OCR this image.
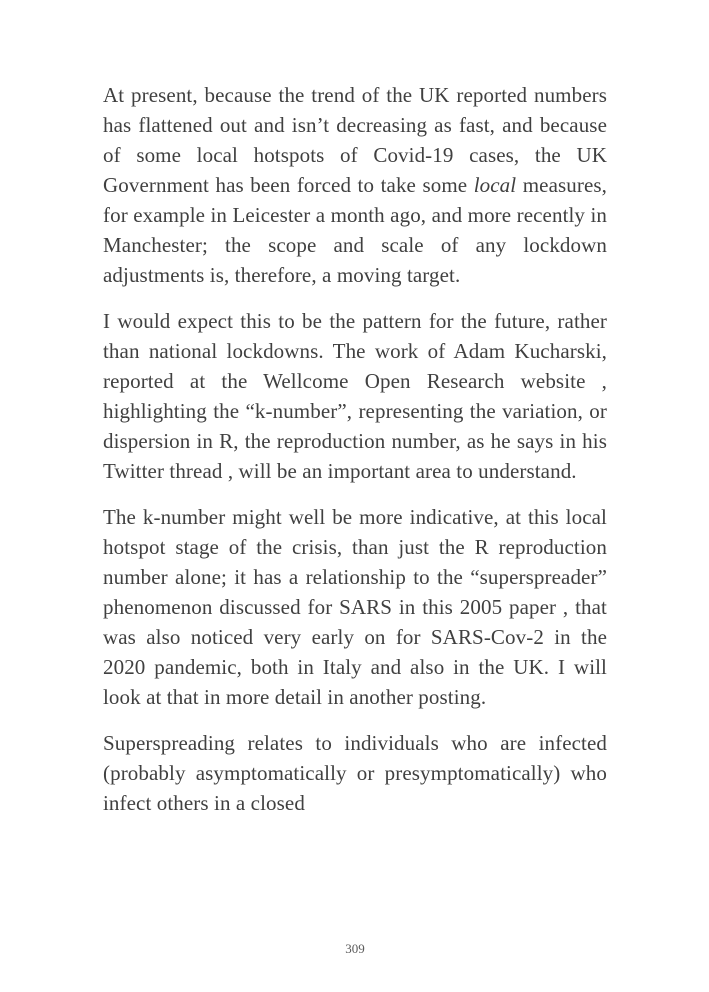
At present, because the trend of the UK reported numbers has flattened out and isn’t decreasing as fast, and because of some local hotspots of Covid-19 cases, the UK Government has been forced to take some local measures, for example in Leicester a month ago, and more recently in Manchester; the scope and scale of any lockdown adjustments is, therefore, a moving target.

I would expect this to be the pattern for the future, rather than national lockdowns. The work of Adam Kucharski, reported at the Wellcome Open Research website , highlighting the “k-number”, representing the variation, or dispersion in R, the reproduction number, as he says in his Twitter thread , will be an important area to understand.

The k-number might well be more indicative, at this local hotspot stage of the crisis, than just the R reproduction number alone; it has a relationship to the “superspreader” phenomenon discussed for SARS in this 2005 paper , that was also noticed very early on for SARS-Cov-2 in the 2020 pandemic, both in Italy and also in the UK. I will look at that in more detail in another posting.

Superspreading relates to individuals who are infected (probably asymptomatically or presymptomatically) who infect others in a closed

309
